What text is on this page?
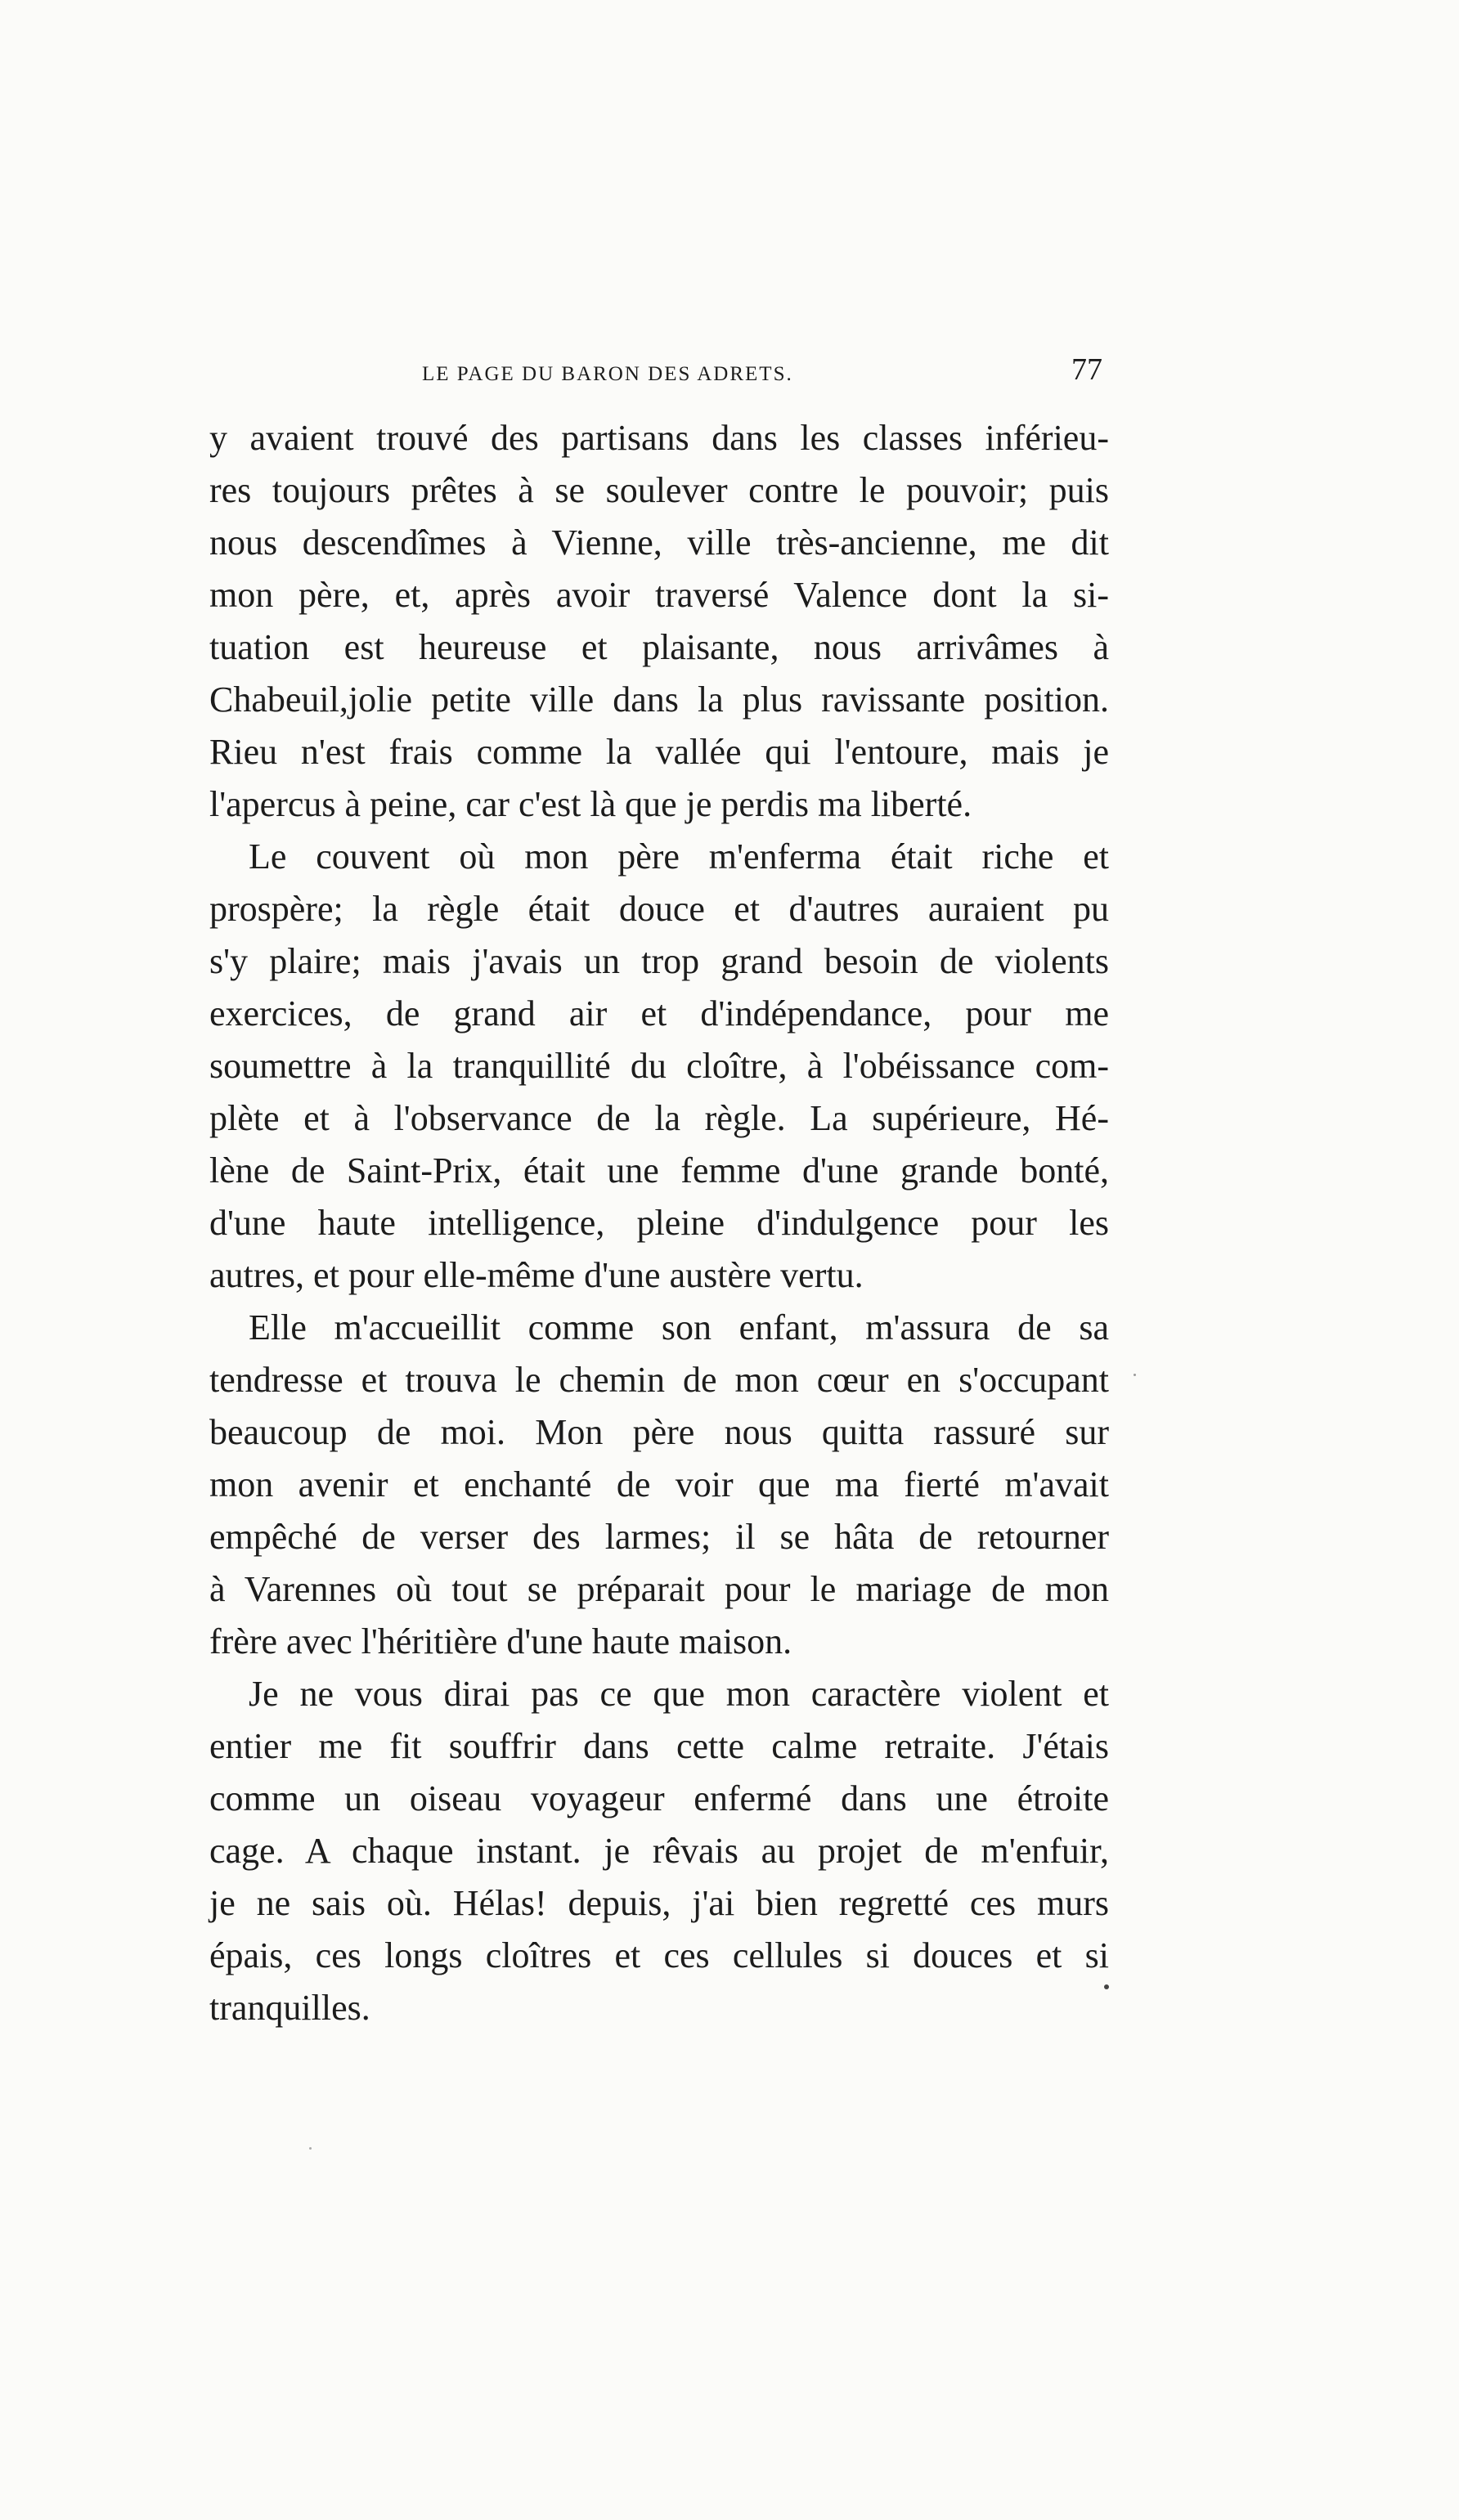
LE PAGE DU BARON DES ADRETS.	77
y avaient trouvé des partisans dans les classes inférieu-
res toujours prêtes à se soulever contre le pouvoir; puis
nous descendîmes à Vienne, ville très-ancienne, me dit
mon père, et, après avoir traversé Valence dont la si-
tuation est heureuse et plaisante, nous arrivâmes à
Chabeuil,jolie petite ville dans la plus ravissante position.
Rieu n'est frais comme la vallée qui l'entoure, mais je
l'apercus à peine, car c'est là que je perdis ma liberté.
Le couvent où mon père m'enferma était riche et
prospère; la règle était douce et d'autres auraient pu
s'y plaire; mais j'avais un trop grand besoin de violents
exercices, de grand air et d'indépendance, pour me
soumettre à la tranquillité du cloître, à l'obéissance com-
plète et à l'observance de la règle. La supérieure, Hé-
lène de Saint-Prix, était une femme d'une grande bonté,
d'une haute intelligence, pleine d'indulgence pour les
autres, et pour elle-même d'une austère vertu.
Elle m'accueillit comme son enfant, m'assura de sa
tendresse et trouva le chemin de mon cœur en s'occupant
beaucoup de moi. Mon père nous quitta rassuré sur
mon avenir et enchanté de voir que ma fierté m'avait
empêché de verser des larmes; il se hâta de retourner
à Varennes où tout se préparait pour le mariage de mon
frère avec l'héritière d'une haute maison.
Je ne vous dirai pas ce que mon caractère violent et
entier me fit souffrir dans cette calme retraite. J'étais
comme un oiseau voyageur enfermé dans une étroite
cage. A chaque instant. je rêvais au projet de m'enfuir,
je ne sais où. Hélas! depuis, j'ai bien regretté ces murs
épais, ces longs cloîtres et ces cellules si douces et si
tranquilles.
